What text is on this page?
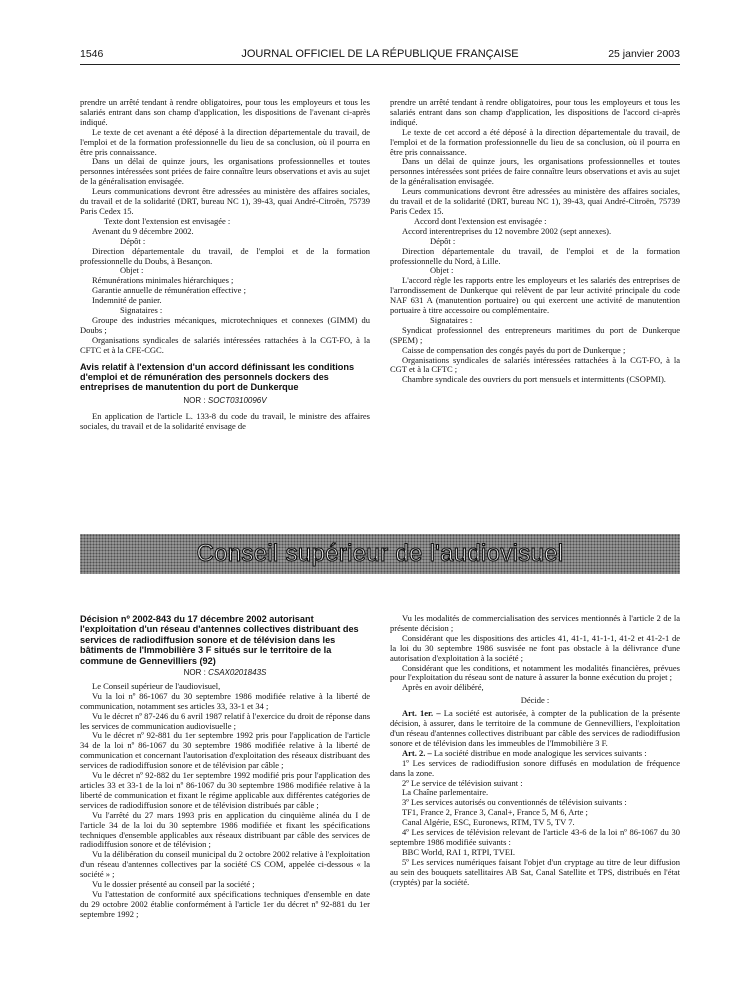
1546	JOURNAL OFFICIEL DE LA RÉPUBLIQUE FRANÇAISE	25 janvier 2003

prendre un arrêté tendant à rendre obligatoires, pour tous les employeurs et tous les salariés entrant dans son champ d'application, les dispositions de l'avenant ci-après indiqué.

Le texte de cet avenant a été déposé à la direction départementale du travail, de l'emploi et de la formation professionnelle du lieu de sa conclusion, où il pourra en être pris connaissance.

Dans un délai de quinze jours, les organisations professionnelles et toutes personnes intéressées sont priées de faire connaître leurs observations et avis au sujet de la généralisation envisagée.

Leurs communications devront être adressées au ministère des affaires sociales, du travail et de la solidarité (DRT, bureau NC 1), 39-43, quai André-Citroën, 75739 Paris Cedex 15.

Texte dont l'extension est envisagée :

Avenant du 9 décembre 2002.

Dépôt :

Direction départementale du travail, de l'emploi et de la formation professionnelle du Doubs, à Besançon.

Objet :

Rémunérations minimales hiérarchiques ;

Garantie annuelle de rémunération effective ;

Indemnité de panier.

Signataires :

Groupe des industries mécaniques, microtechniques et connexes (GIMM) du Doubs ;

Organisations syndicales de salariés intéressées rattachées à la CGT-FO, à la CFTC et à la CFE-CGC.

Avis relatif à l'extension d'un accord définissant les conditions d'emploi et de rémunération des personnels dockers des entreprises de manutention du port de Dunkerque

NOR : SOCT0310096V

En application de l'article L. 133-8 du code du travail, le ministre des affaires sociales, du travail et de la solidarité envisage de

prendre un arrêté tendant à rendre obligatoires, pour tous les employeurs et tous les salariés entrant dans son champ d'application, les dispositions de l'accord ci-après indiqué.

Le texte de cet accord a été déposé à la direction départementale du travail, de l'emploi et de la formation professionnelle du lieu de sa conclusion, où il pourra en être pris connaissance.

Dans un délai de quinze jours, les organisations professionnelles et toutes personnes intéressées sont priées de faire connaître leurs observations et avis au sujet de la généralisation envisagée.

Leurs communications devront être adressées au ministère des affaires sociales, du travail et de la solidarité (DRT, bureau NC 1), 39-43, quai André-Citroën, 75739 Paris Cedex 15.

Accord dont l'extension est envisagée :

Accord interentreprises du 12 novembre 2002 (sept annexes).

Dépôt :

Direction départementale du travail, de l'emploi et de la formation professionnelle du Nord, à Lille.

Objet :

L'accord règle les rapports entre les employeurs et les salariés des entreprises de l'arrondissement de Dunkerque qui relèvent de par leur activité principale du code NAF 631 A (manutention portuaire) ou qui exercent une activité de manutention portuaire à titre accessoire ou complémentaire.

Signataires :

Syndicat professionnel des entrepreneurs maritimes du port de Dunkerque (SPEM) ;

Caisse de compensation des congés payés du port de Dunkerque ;

Organisations syndicales de salariés intéressées rattachées à la CGT-FO, à la CGT et à la CFTC ;

Chambre syndicale des ouvriers du port mensuels et intermittents (CSOPMI).

Conseil supérieur de l'audiovisuel

Décision nº 2002-843 du 17 décembre 2002 autorisant l'exploitation d'un réseau d'antennes collectives distribuant des services de radiodiffusion sonore et de télévision dans les bâtiments de l'Immobilière 3 F situés sur le territoire de la commune de Gennevilliers (92)

NOR : CSAX0201843S

Le Conseil supérieur de l'audiovisuel,

Vu la loi nº 86-1067 du 30 septembre 1986 modifiée relative à la liberté de communication, notamment ses articles 33, 33-1 et 34 ;

Vu le décret nº 87-246 du 6 avril 1987 relatif à l'exercice du droit de réponse dans les services de communication audiovisuelle ;

Vu le décret nº 92-881 du 1er septembre 1992 pris pour l'application de l'article 34 de la loi nº 86-1067 du 30 septembre 1986 modifiée relative à la liberté de communication et concernant l'autorisation d'exploitation des réseaux distribuant des services de radiodiffusion sonore et de télévision par câble ;

Vu le décret nº 92-882 du 1er septembre 1992 modifié pris pour l'application des articles 33 et 33-1 de la loi nº 86-1067 du 30 septembre 1986 modifiée relative à la liberté de communication et fixant le régime applicable aux différentes catégories de services de radiodiffusion sonore et de télévision distribués par câble ;

Vu l'arrêté du 27 mars 1993 pris en application du cinquième alinéa du I de l'article 34 de la loi du 30 septembre 1986 modifiée et fixant les spécifications techniques d'ensemble applicables aux réseaux distribuant par câble des services de radiodiffusion sonore et de télévision ;

Vu la délibération du conseil municipal du 2 octobre 2002 relative à l'exploitation d'un réseau d'antennes collectives par la société CS COM, appelée ci-dessous « la société » ;

Vu le dossier présenté au conseil par la société ;

Vu l'attestation de conformité aux spécifications techniques d'ensemble en date du 29 octobre 2002 établie conformément à l'article 1er du décret nº 92-881 du 1er septembre 1992 ;

Vu les modalités de commercialisation des services mentionnés à l'article 2 de la présente décision ;

Considérant que les dispositions des articles 41, 41-1, 41-1-1, 41-2 et 41-2-1 de la loi du 30 septembre 1986 susvisée ne font pas obstacle à la délivrance d'une autorisation d'exploitation à la société ;

Considérant que les conditions, et notamment les modalités financières, prévues pour l'exploitation du réseau sont de nature à assurer la bonne exécution du projet ;

Après en avoir délibéré,

Décide :

Art. 1er. – La société est autorisée, à compter de la publication de la présente décision, à assurer, dans le territoire de la commune de Gennevilliers, l'exploitation d'un réseau d'antennes collectives distribuant par câble des services de radiodiffusion sonore et de télévision dans les immeubles de l'Immobilière 3 F.

Art. 2. – La société distribue en mode analogique les services suivants :

1º Les services de radiodiffusion sonore diffusés en modulation de fréquence dans la zone.

2º Le service de télévision suivant :

La Chaîne parlementaire.

3º Les services autorisés ou conventionnés de télévision suivants :

TF1, France 2, France 3, Canal+, France 5, M 6, Arte ;

Canal Algérie, ESC, Euronews, RTM, TV 5, TV 7.

4º Les services de télévision relevant de l'article 43-6 de la loi nº 86-1067 du 30 septembre 1986 modifiée suivants :

BBC World, RAI 1, RTPI, TVEI.

5º Les services numériques faisant l'objet d'un cryptage au titre de leur diffusion au sein des bouquets satellitaires AB Sat, Canal Satellite et TPS, distribués en l'état (cryptés) par la société.
